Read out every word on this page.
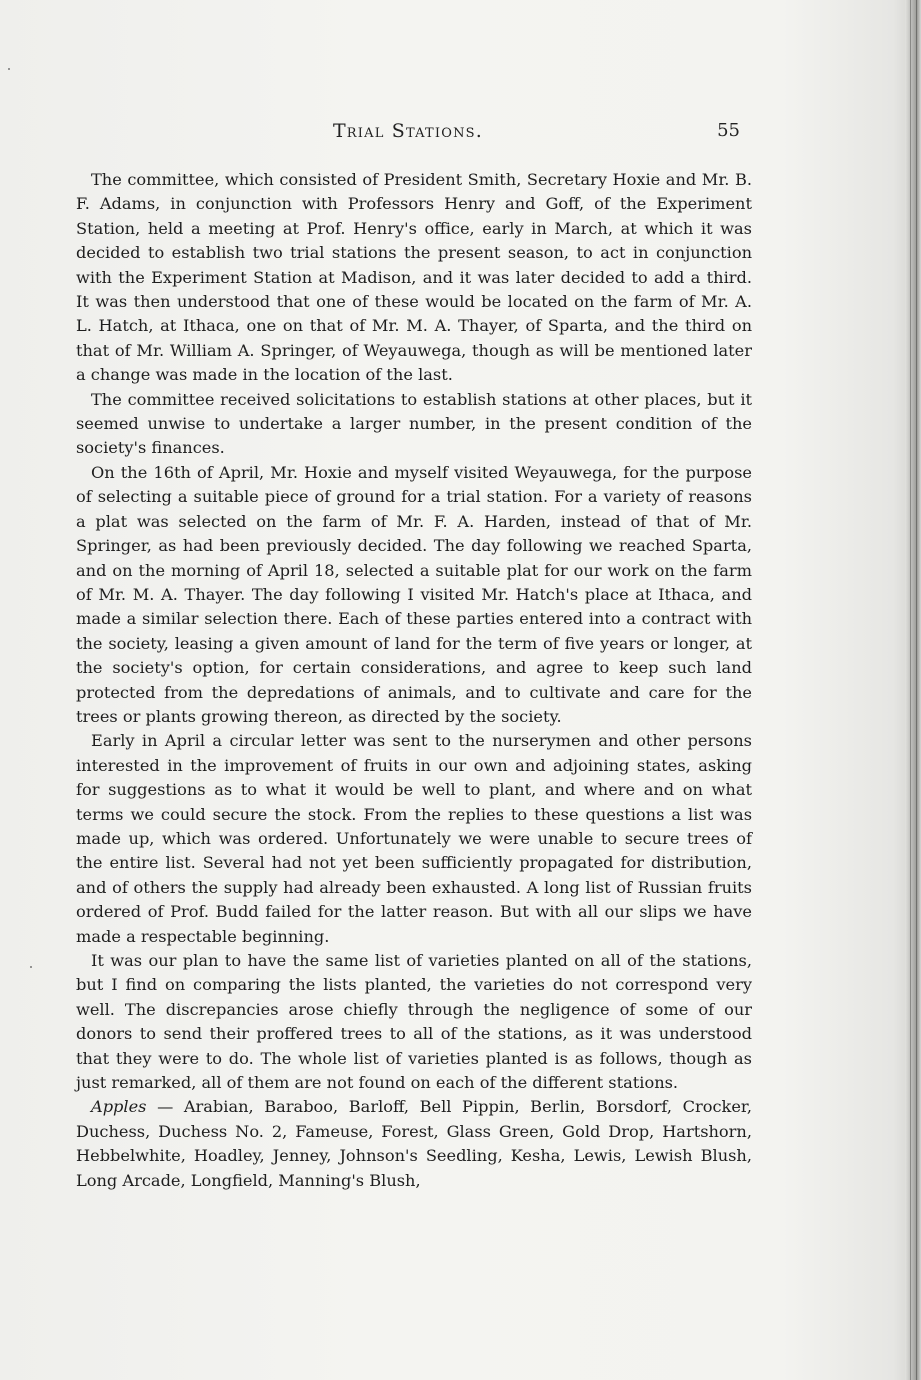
Trial Stations.	55

The committee, which consisted of President Smith, Secretary Hoxie and Mr. B. F. Adams, in conjunction with Professors Henry and Goff, of the Experiment Station, held a meeting at Prof. Henry's office, early in March, at which it was decided to establish two trial stations the present season, to act in conjunction with the Experiment Station at Madison, and it was later decided to add a third. It was then understood that one of these would be located on the farm of Mr. A. L. Hatch, at Ithaca, one on that of Mr. M. A. Thayer, of Sparta, and the third on that of Mr. William A. Springer, of Weyauwega, though as will be mentioned later a change was made in the location of the last.

The committee received solicitations to establish stations at other places, but it seemed unwise to undertake a larger number, in the present condition of the society's finances.

On the 16th of April, Mr. Hoxie and myself visited Weyauwega, for the purpose of selecting a suitable piece of ground for a trial station. For a variety of reasons a plat was selected on the farm of Mr. F. A. Harden, instead of that of Mr. Springer, as had been previously decided. The day following we reached Sparta, and on the morning of April 18, selected a suitable plat for our work on the farm of Mr. M. A. Thayer. The day following I visited Mr. Hatch's place at Ithaca, and made a similar selection there. Each of these parties entered into a contract with the society, leasing a given amount of land for the term of five years or longer, at the society's option, for certain considerations, and agree to keep such land protected from the depredations of animals, and to cultivate and care for the trees or plants growing thereon, as directed by the society.

Early in April a circular letter was sent to the nurserymen and other persons interested in the improvement of fruits in our own and adjoining states, asking for suggestions as to what it would be well to plant, and where and on what terms we could secure the stock. From the replies to these questions a list was made up, which was ordered. Unfortunately we were unable to secure trees of the entire list. Several had not yet been sufficiently propagated for distribution, and of others the supply had already been exhausted. A long list of Russian fruits ordered of Prof. Budd failed for the latter reason. But with all our slips we have made a respectable beginning.

It was our plan to have the same list of varieties planted on all of the stations, but I find on comparing the lists planted, the varieties do not correspond very well. The discrepancies arose chiefly through the negligence of some of our donors to send their proffered trees to all of the stations, as it was understood that they were to do. The whole list of varieties planted is as follows, though as just remarked, all of them are not found on each of the different stations.

Apples — Arabian, Baraboo, Barloff, Bell Pippin, Berlin, Borsdorf, Crocker, Duchess, Duchess No. 2, Fameuse, Forest, Glass Green, Gold Drop, Hartshorn, Hebbelwhite, Hoadley, Jenney, Johnson's Seedling, Kesha, Lewis, Lewish Blush, Long Arcade, Longfield, Manning's Blush,
